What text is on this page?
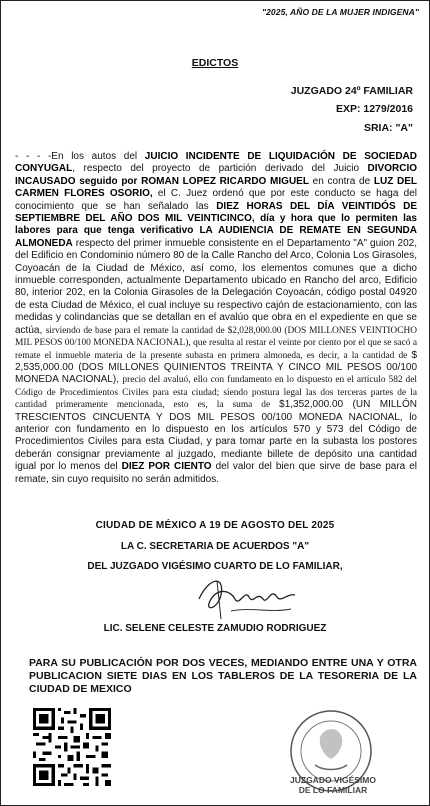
"2025, AÑO DE LA MUJER INDIGENA"
EDICTOS
JUZGADO 24º FAMILIAR
EXP: 1279/2016
SRIA: "A"
- - - -En los autos del JUICIO INCIDENTE DE LIQUIDACIÓN DE SOCIEDAD CONYUGAL, respecto del proyecto de partición derivado del Juicio DIVORCIO INCAUSADO seguido por ROMAN LOPEZ RICARDO MIGUEL en contra de LUZ DEL CARMEN FLORES OSORIO, el C. Juez ordenó que por este conducto se haga del conocimiento que se han señalado las DIEZ HORAS DEL DÍA VEINTIDÓS DE SEPTIEMBRE DEL AÑO DOS MIL VEINTICINCO, día y hora que lo permiten las labores para que tenga verificativo LA AUDIENCIA DE REMATE EN SEGUNDA ALMONEDA respecto del primer inmueble consistente en el Departamento "A" guion 202, del Edificio en Condominio número 80 de la Calle Rancho del Arco, Colonia Los Girasoles, Coyoacán de la Ciudad de México, así como, los elementos comunes que a dicho inmueble corresponden, actualmente Departamento ubicado en Rancho del arco, Edificio 80, interior 202, en la Colonia Girasoles de la Delegación Coyoacán, código postal 04920 de esta Ciudad de México, el cual incluye su respectivo cajón de estacionamiento, con las medidas y colindancias que se detallan en el avalúo que obra en el expediente en que se actúa, sirviendo de base para el remate la cantidad de $2,028,000.00 (DOS MILLONES VEINTIOCHO MIL PESOS 00/100 MONEDA NACIONAL), que resulta al restar el veinte por ciento por el que se sacó a remate el inmueble materia de la presente subasta en primera almoneda, es decir, a la cantidad de $ 2,535,000.00 (DOS MILLONES QUINIENTOS TREINTA Y CINCO MIL PESOS 00/100 MONEDA NACIONAL), precio del avaluó, ello con fundamento en lo dispuesto en el artículo 582 del Código de Procedimientos Civiles para esta ciudad; siendo postura legal las dos terceras partes de la cantidad primeramente mencionada, esto es, la suma de $1,352,000.00 (UN MILLÓN TRESCIENTOS CINCUENTA Y DOS MIL PESOS 00/100 MONEDA NACIONAL, lo anterior con fundamento en lo dispuesto en los artículos 570 y 573 del Código de Procedimientos Civiles para esta Ciudad, y para tomar parte en la subasta los postores deberán consignar previamente al juzgado, mediante billete de depósito una cantidad igual por lo menos del DIEZ POR CIENTO del valor del bien que sirve de base para el remate, sin cuyo requisito no serán admitidos.
CIUDAD DE MÉXICO A 19 DE AGOSTO DEL 2025
LA C. SECRETARIA DE ACUERDOS "A"
DEL JUZGADO VIGÉSIMO CUARTO DE LO FAMILIAR,
LIC. SELENE CELESTE ZAMUDIO RODRIGUEZ
PARA SU PUBLICACIÓN POR DOS VECES, MEDIANDO ENTRE UNA Y OTRA PUBLICACION SIETE DIAS EN LOS TABLEROS DE LA TESORERIA DE LA CIUDAD DE MEXICO
JUZGADO VIGÉSIMO
DE LO FAMILIAR
